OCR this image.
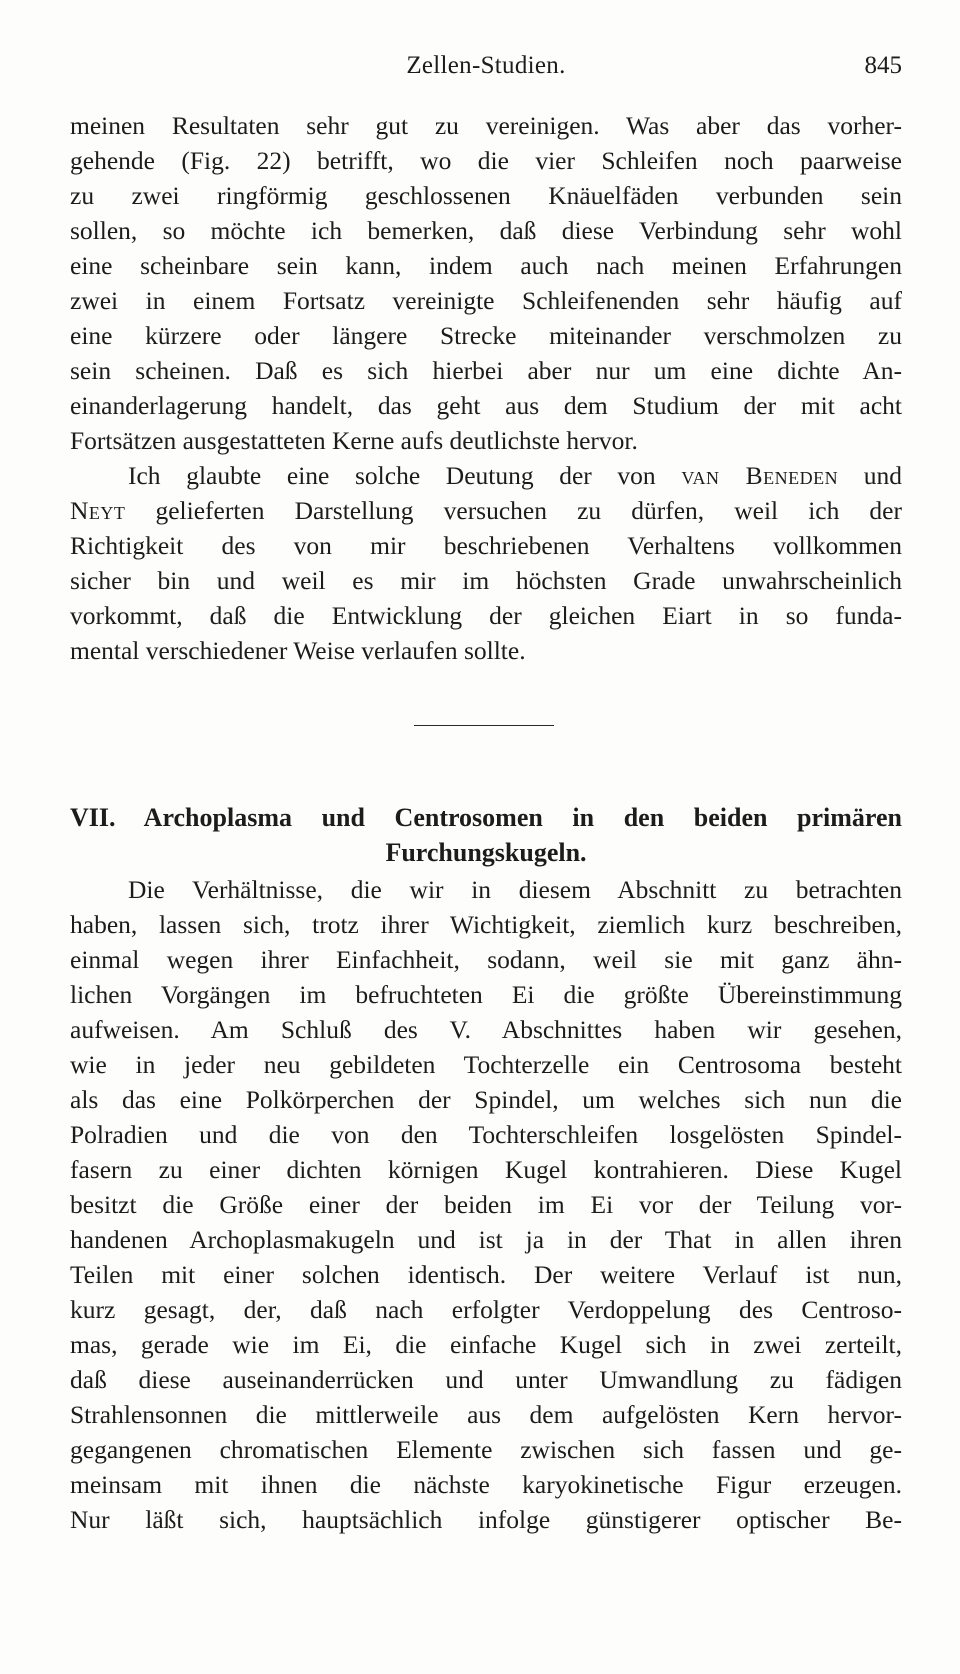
Zellen-Studien.	845
meinen Resultaten sehr gut zu vereinigen. Was aber das vorher-
gehende (Fig. 22) betrifft, wo die vier Schleifen noch paarweise
zu zwei ringförmig geschlossenen Knäuelfäden verbunden sein
sollen, so möchte ich bemerken, daß diese Verbindung sehr wohl
eine scheinbare sein kann, indem auch nach meinen Erfahrungen
zwei in einem Fortsatz vereinigte Schleifenenden sehr häufig auf
eine kürzere oder längere Strecke miteinander verschmolzen zu
sein scheinen. Daß es sich hierbei aber nur um eine dichte An-
einanderlagerung handelt, das geht aus dem Studium der mit acht
Fortsätzen ausgestatteten Kerne aufs deutlichste hervor.
Ich glaubte eine solche Deutung der von van Beneden und
Neyt gelieferten Darstellung versuchen zu dürfen, weil ich der
Richtigkeit des von mir beschriebenen Verhaltens vollkommen
sicher bin und weil es mir im höchsten Grade unwahrscheinlich
vorkommt, daß die Entwicklung der gleichen Eiart in so funda-
mental verschiedener Weise verlaufen sollte.
VII. Archoplasma und Centrosomen in den beiden primären
Furchungskugeln.
Die Verhältnisse, die wir in diesem Abschnitt zu betrachten
haben, lassen sich, trotz ihrer Wichtigkeit, ziemlich kurz beschreiben,
einmal wegen ihrer Einfachheit, sodann, weil sie mit ganz ähn-
lichen Vorgängen im befruchteten Ei die größte Übereinstimmung
aufweisen. Am Schluß des V. Abschnittes haben wir gesehen,
wie in jeder neu gebildeten Tochterzelle ein Centrosoma besteht
als das eine Polkörperchen der Spindel, um welches sich nun die
Polradien und die von den Tochterschleifen losgelösten Spindel-
fasern zu einer dichten körnigen Kugel kontrahieren. Diese Kugel
besitzt die Größe einer der beiden im Ei vor der Teilung vor-
handenen Archoplasmakugeln und ist ja in der That in allen ihren
Teilen mit einer solchen identisch. Der weitere Verlauf ist nun,
kurz gesagt, der, daß nach erfolgter Verdoppelung des Centroso-
mas, gerade wie im Ei, die einfache Kugel sich in zwei zerteilt,
daß diese auseinanderrücken und unter Umwandlung zu fädigen
Strahlensonnen die mittlerweile aus dem aufgelösten Kern hervor-
gegangenen chromatischen Elemente zwischen sich fassen und ge-
meinsam mit ihnen die nächste karyokinetische Figur erzeugen.
Nur läßt sich, hauptsächlich infolge günstigerer optischer Be-
